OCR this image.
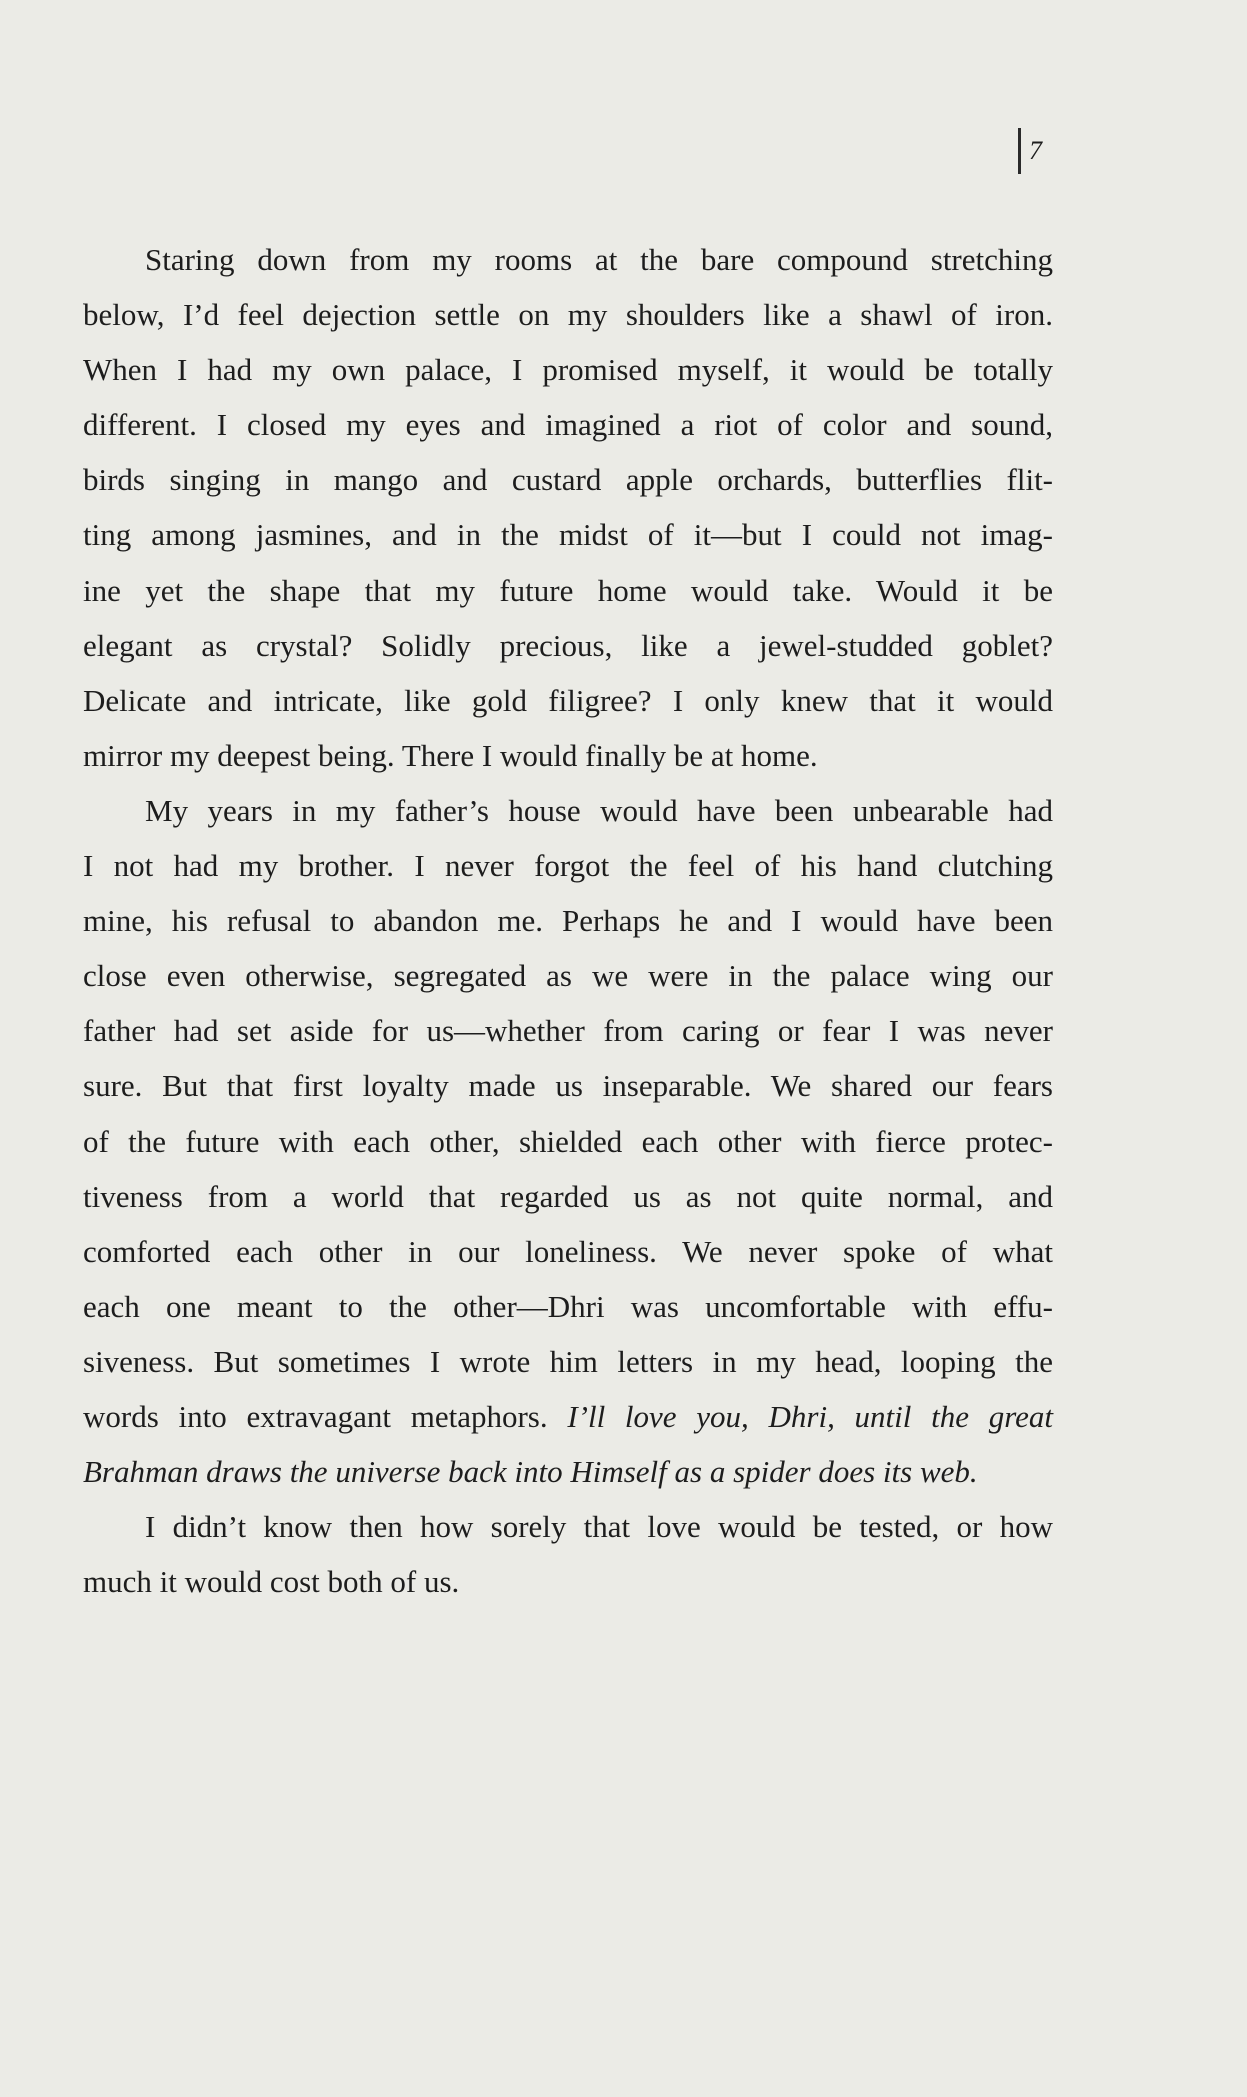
7
Staring down from my rooms at the bare compound stretching
below, I’d feel dejection settle on my shoulders like a shawl of iron.
When I had my own palace, I promised myself, it would be totally
different. I closed my eyes and imagined a riot of color and sound,
birds singing in mango and custard apple orchards, butterflies flit-
ting among jasmines, and in the midst of it—but I could not imag-
ine yet the shape that my future home would take. Would it be
elegant as crystal? Solidly precious, like a jewel-studded goblet?
Delicate and intricate, like gold filigree? I only knew that it would
mirror my deepest being. There I would finally be at home.
My years in my father’s house would have been unbearable had
I not had my brother. I never forgot the feel of his hand clutching
mine, his refusal to abandon me. Perhaps he and I would have been
close even otherwise, segregated as we were in the palace wing our
father had set aside for us—whether from caring or fear I was never
sure. But that first loyalty made us inseparable. We shared our fears
of the future with each other, shielded each other with fierce protec-
tiveness from a world that regarded us as not quite normal, and
comforted each other in our loneliness. We never spoke of what
each one meant to the other—Dhri was uncomfortable with effu-
siveness. But sometimes I wrote him letters in my head, looping the
words into extravagant metaphors. I’ll love you, Dhri, until the great
Brahman draws the universe back into Himself as a spider does its web.
I didn’t know then how sorely that love would be tested, or how
much it would cost both of us.
